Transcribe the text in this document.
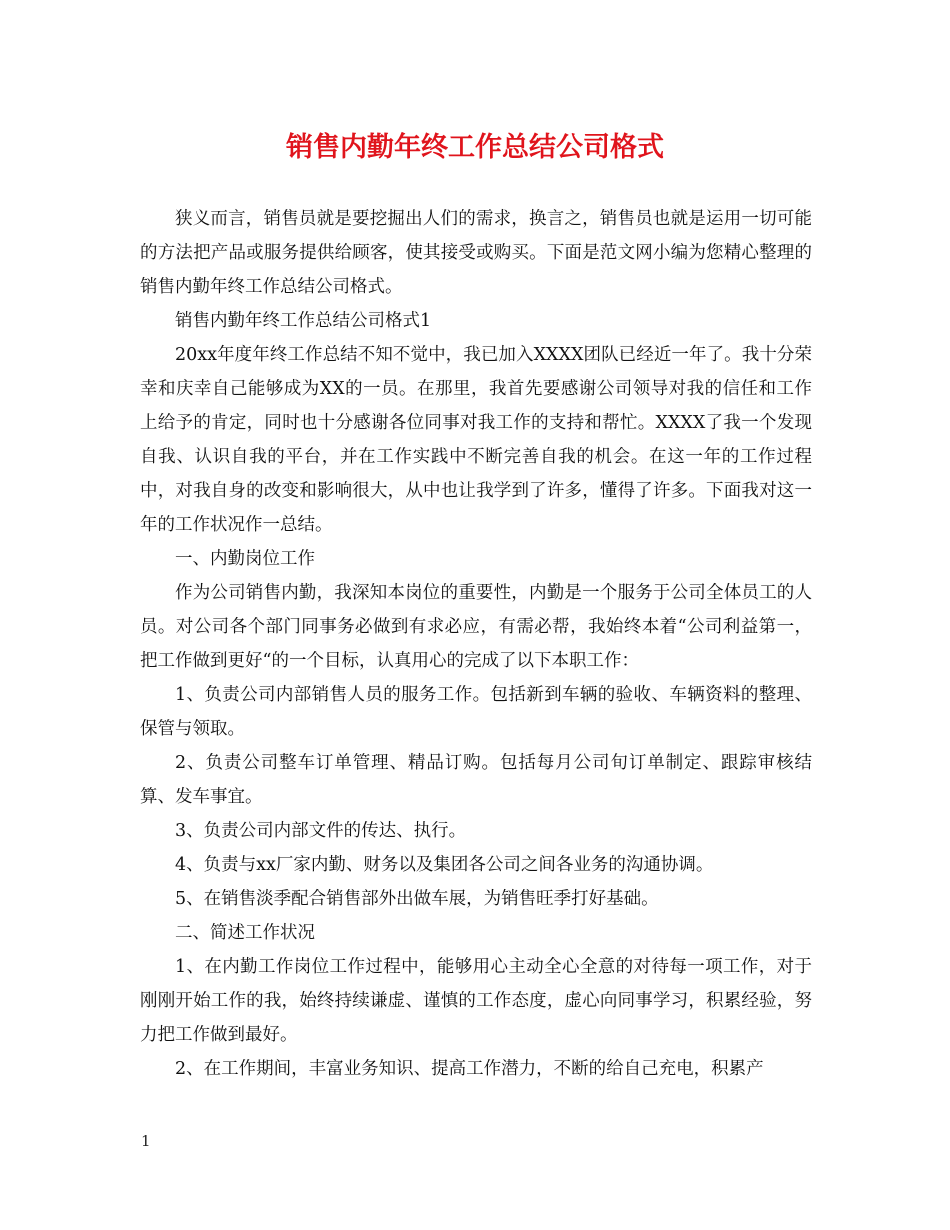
销售内勤年终工作总结公司格式

狭义而言，销售员就是要挖掘出人们的需求，换言之，销售员也就是运用一切可能的方法把产品或服务提供给顾客，使其接受或购买。下面是范文网小编为您精心整理的销售内勤年终工作总结公司格式。

销售内勤年终工作总结公司格式1

20xx年度年终工作总结不知不觉中，我已加入XXXX团队已经近一年了。我十分荣幸和庆幸自己能够成为XX的一员。在那里，我首先要感谢公司领导对我的信任和工作上给予的肯定，同时也十分感谢各位同事对我工作的支持和帮忙。XXXX了我一个发现自我、认识自我的平台，并在工作实践中不断完善自我的机会。在这一年的工作过程中，对我自身的改变和影响很大，从中也让我学到了许多，懂得了许多。下面我对这一年的工作状况作一总结。

一、内勤岗位工作

作为公司销售内勤，我深知本岗位的重要性，内勤是一个服务于公司全体员工的人员。对公司各个部门同事务必做到有求必应，有需必帮，我始终本着“公司利益第一，把工作做到更好“的一个目标，认真用心的完成了以下本职工作：

1、负责公司内部销售人员的服务工作。包括新到车辆的验收、车辆资料的整理、保管与领取。

2、负责公司整车订单管理、精品订购。包括每月公司旬订单制定、跟踪审核结算、发车事宜。

3、负责公司内部文件的传达、执行。

4、负责与xx厂家内勤、财务以及集团各公司之间各业务的沟通协调。

5、在销售淡季配合销售部外出做车展，为销售旺季打好基础。

二、简述工作状况

1、在内勤工作岗位工作过程中，能够用心主动全心全意的对待每一项工作，对于刚刚开始工作的我，始终持续谦虚、谨慎的工作态度，虚心向同事学习，积累经验，努力把工作做到最好。

2、在工作期间，丰富业务知识、提高工作潜力，不断的给自己充电，积累产

1
